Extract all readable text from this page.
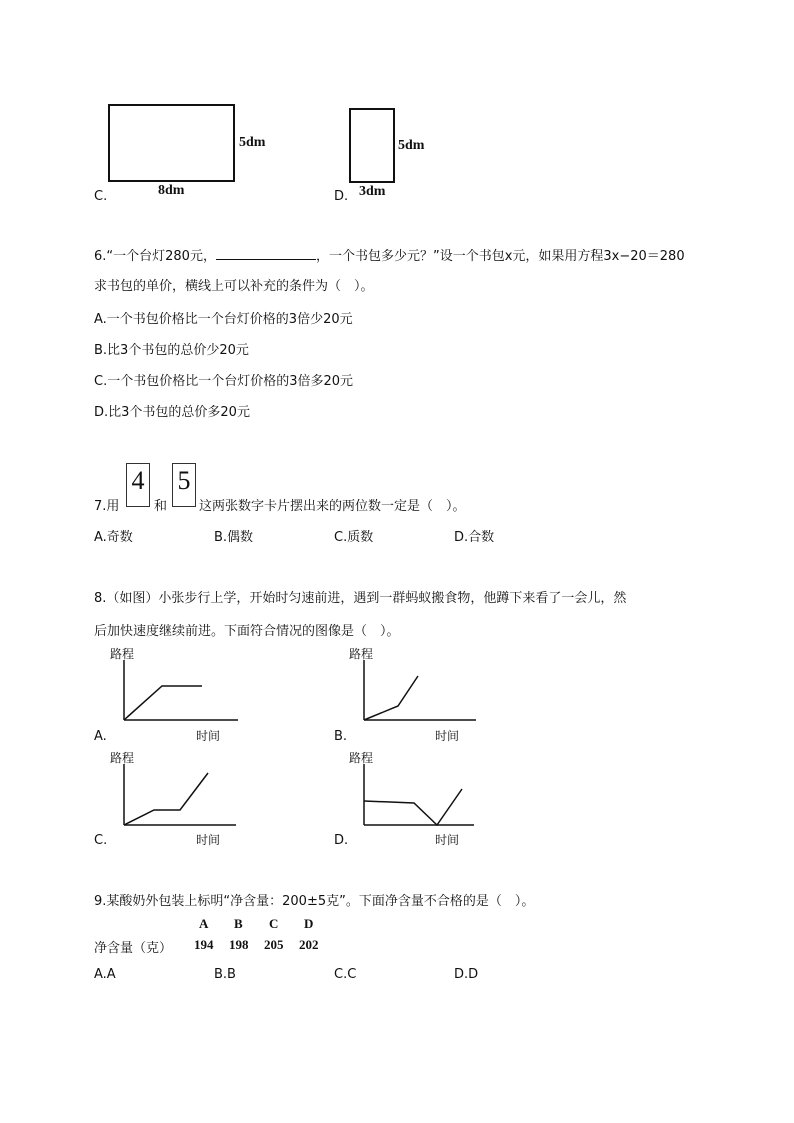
5dm
8dm
C.
5dm
3dm
D.
6.“一个台灯280元，	，一个书包多少元？”设一个书包x元，如果用方程3x−20＝280
求书包的单价，横线上可以补充的条件为（　）。
A.一个书包价格比一个台灯价格的3倍少20元
B.比3个书包的总价少20元
C.一个书包价格比一个台灯价格的3倍多20元
D.比3个书包的总价多20元
7.用
4
和
5
这两张数字卡片摆出来的两位数一定是（　）。
A.奇数	B.偶数	C.质数	D.合数
8.（如图）小张步行上学，开始时匀速前进，遇到一群蚂蚁搬食物，他蹲下来看了一会儿，然
后加快速度继续前进。下面符合情况的图像是（　）。
路程
时间
A.
路程
时间
B.
路程
时间
C.
路程
时间
D.
9.某酸奶外包装上标明“净含量：200±5克”。下面净含量不合格的是（　）。
A B C D
净含量（克） 194 198 205 202
A.A	B.B	C.C	D.D
